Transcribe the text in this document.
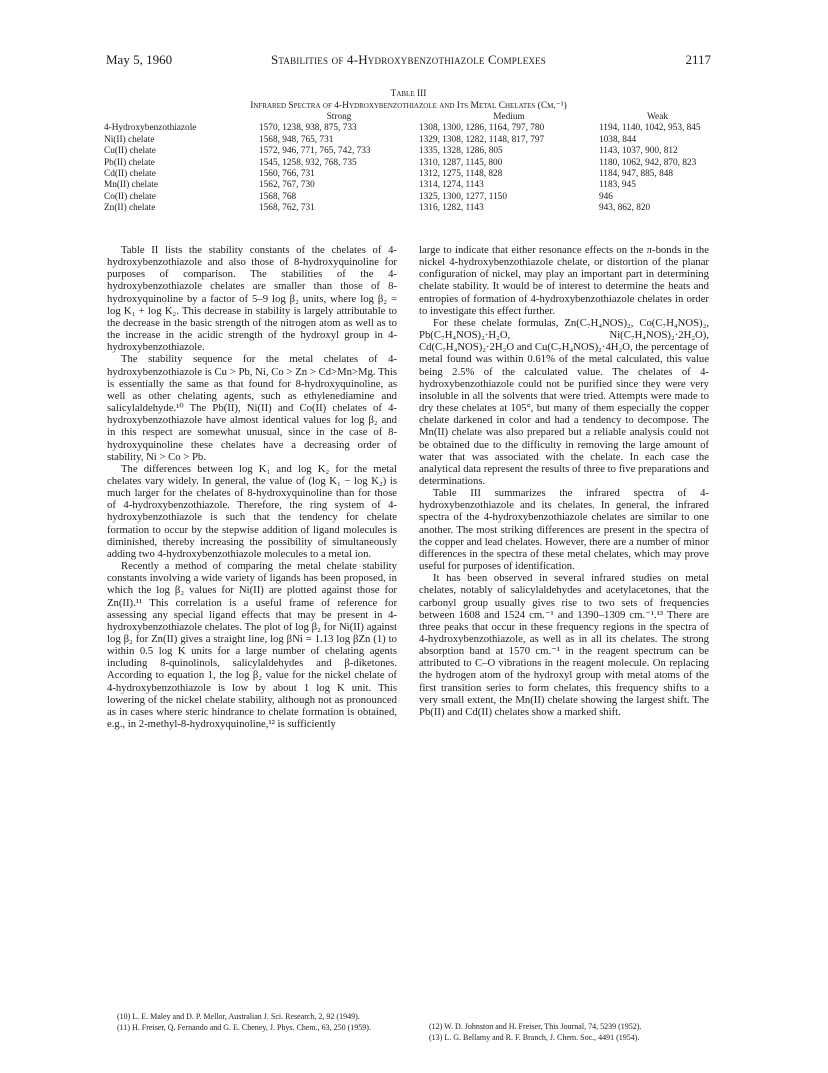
May 5, 1960	Stabilities of 4-Hydroxybenzothiazole Complexes	2117
Table III
Infrared Spectra of 4-Hydroxybenzothiazole and Its Metal Chelates (Cm.⁻¹)
Strong	Medium	Weak
4-Hydroxybenzothiazole	1570, 1238, 938, 875, 733	1308, 1300, 1286, 1164, 797, 780	1194, 1140, 1042, 953, 845
Ni(II) chelate	1568, 948, 765, 731	1329, 1308, 1282, 1148, 817, 797	1038, 844
Cu(II) chelate	1572, 946, 771, 765, 742, 733	1335, 1328, 1286, 805	1143, 1037, 900, 812
Pb(II) chelate	1545, 1258, 932, 768, 735	1310, 1287, 1145, 800	1180, 1062, 942, 870, 823
Cd(II) chelate	1560, 766, 731	1312, 1275, 1148, 828	1184, 947, 885, 848
Mn(II) chelate	1562, 767, 730	1314, 1274, 1143	1183, 945
Co(II) chelate	1568, 768	1325, 1300, 1277, 1150	946
Zn(II) chelate	1568, 762, 731	1316, 1282, 1143	943, 862, 820

Table II lists the stability constants of the chelates of 4-hydroxybenzothiazole and also those of 8-hydroxyquinoline for purposes of comparison. The stabilities of the 4-hydroxybenzothiazole chelates are smaller than those of 8-hydroxyquinoline by a factor of 5–9 log β₂ units, where log β₂ = log K₁ + log K₂. This decrease in stability is largely attributable to the decrease in the basic strength of the nitrogen atom as well as to the increase in the acidic strength of the hydroxyl group in 4-hydroxybenzothiazole.

The stability sequence for the metal chelates of 4-hydroxybenzothiazole is Cu > Pb, Ni, Co > Zn > Cd>Mn>Mg. This is essentially the same as that found for 8-hydroxyquinoline, as well as other chelating agents, such as ethylenediamine and salicylaldehyde.¹⁰ The Pb(II), Ni(II) and Co(II) chelates of 4-hydroxybenzothiazole have almost identical values for log β₂ and in this respect are somewhat unusual, since in the case of 8-hydroxyquinoline these chelates have a decreasing order of stability, Ni > Co > Pb.

The differences between log K₁ and log K₂ for the metal chelates vary widely. In general, the value of (log K₁ − log K₂) is much larger for the chelates of 8-hydroxyquinoline than for those of 4-hydroxybenzothiazole. Therefore, the ring system of 4-hydroxybenzothiazole is such that the tendency for chelate formation to occur by the stepwise addition of ligand molecules is diminished, thereby increasing the possibility of simultaneously adding two 4-hydroxybenzothiazole molecules to a metal ion.

Recently a method of comparing the metal chelate stability constants involving a wide variety of ligands has been proposed, in which the log β₂ values for Ni(II) are plotted against those for Zn(II).¹¹ This correlation is a useful frame of reference for assessing any special ligand effects that may be present in 4-hydroxybenzothiazole chelates. The plot of log β₂ for Ni(II) against log β₂ for Zn(II) gives a straight line, log βNi = 1.13 log βZn (1) to within 0.5 log K units for a large number of chelating agents including 8-quinolinols, salicylaldehydes and β-diketones. According to equation 1, the log β₂ value for the nickel chelate of 4-hydroxybenzothiazole is low by about 1 log K unit. This lowering of the nickel chelate stability, although not as pronounced as in cases where steric hindrance to chelate formation is obtained, e.g., in 2-methyl-8-hydroxyquinoline,¹² is sufficiently

large to indicate that either resonance effects on the π-bonds in the nickel 4-hydroxybenzothiazole chelate, or distortion of the planar configuration of nickel, may play an important part in determining chelate stability. It would be of interest to determine the heats and entropies of formation of 4-hydroxybenzothiazole chelates in order to investigate this effect further.

For these chelate formulas, Zn(C₇H₄NOS)₂, Co(C₇H₄NOS)₂, Pb(C₇H₄NOS)₂·H₂O, Ni(C₇H₄NOS)₂·2H₂O), Cd(C₇H₄NOS)₂·2H₂O and Cu(C₇H₄NOS)₂·4H₂O, the percentage of metal found was within 0.61% of the metal calculated, this value being 2.5% of the calculated value. The chelates of 4-hydroxybenzothiazole could not be purified since they were very insoluble in all the solvents that were tried. Attempts were made to dry these chelates at 105°, but many of them especially the copper chelate darkened in color and had a tendency to decompose. The Mn(II) chelate was also prepared but a reliable analysis could not be obtained due to the difficulty in removing the large amount of water that was associated with the chelate. In each case the analytical data represent the results of three to five preparations and determinations.

Table III summarizes the infrared spectra of 4-hydroxybenzothiazole and its chelates. In general, the infrared spectra of the 4-hydroxybenzothiazole chelates are similar to one another. The most striking differences are present in the spectra of the copper and lead chelates. However, there are a number of minor differences in the spectra of these metal chelates, which may prove useful for purposes of identification.

It has been observed in several infrared studies on metal chelates, notably of salicylaldehydes and acetylacetones, that the carbonyl group usually gives rise to two sets of frequencies between 1608 and 1524 cm.⁻¹ and 1390–1309 cm.⁻¹.¹³ There are three peaks that occur in these frequency regions in the spectra of 4-hydroxybenzothiazole, as well as in all its chelates. The strong absorption band at 1570 cm.⁻¹ in the reagent spectrum can be attributed to C–O vibrations in the reagent molecule. On replacing the hydrogen atom of the hydroxyl group with metal atoms of the first transition series to form chelates, this frequency shifts to a very small extent, the Mn(II) chelate showing the largest shift. The Pb(II) and Cd(II) chelates show a marked shift.

(10) L. E. Maley and D. P. Mellor, Australian J. Sci. Research, 2, 92 (1949).

(11) H. Freiser, Q. Fernando and G. E. Cheney, J. Phys. Chem., 63, 250 (1959).	(12) W. D. Johnston and H. Freiser, This Journal, 74, 5239 (1952).

(13) L. G. Bellamy and R. F. Branch, J. Chem. Soc., 4491 (1954).
